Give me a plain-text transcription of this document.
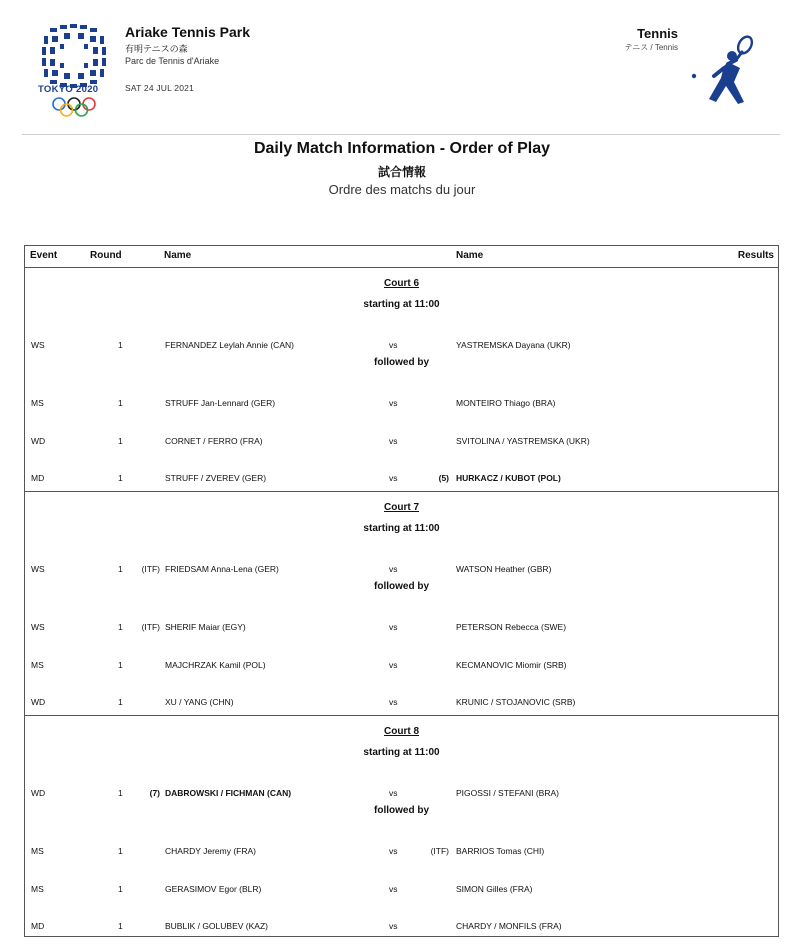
TOKYO 2020
Ariake Tennis Park
有明テニスの森
Parc de Tennis d'Ariake
SAT 24 JUL 2021
Tennis
テニス / Tennis
Daily Match Information - Order of Play
試合情報
Ordre des matchs du jour
Event	Round	Name	Name	Results
Court 6
starting at 11:00
followed by
WS	1	FERNANDEZ Leylah Annie (CAN)	vs	YASTREMSKA Dayana (UKR)
MS	1	STRUFF Jan-Lennard (GER)	vs	MONTEIRO Thiago (BRA)
WD	1	CORNET / FERRO (FRA)	vs	SVITOLINA / YASTREMSKA (UKR)
MD	1	STRUFF / ZVEREV (GER)	vs	(5) HURKACZ / KUBOT (POL)
Court 7
starting at 11:00
followed by
WS	1	(ITF) FRIEDSAM Anna-Lena (GER)	vs	WATSON Heather (GBR)
WS	1	(ITF) SHERIF Maiar (EGY)	vs	PETERSON Rebecca (SWE)
MS	1	MAJCHRZAK Kamil (POL)	vs	KECMANOVIC Miomir (SRB)
WD	1	XU / YANG (CHN)	vs	KRUNIC / STOJANOVIC (SRB)
Court 8
starting at 11:00
followed by
WD	1	(7) DABROWSKI / FICHMAN (CAN)	vs	PIGOSSI / STEFANI (BRA)
MS	1	CHARDY Jeremy (FRA)	vs	(ITF) BARRIOS Tomas (CHI)
MS	1	GERASIMOV Egor (BLR)	vs	SIMON Gilles (FRA)
MD	1	BUBLIK / GOLUBEV (KAZ)	vs	CHARDY / MONFILS (FRA)
